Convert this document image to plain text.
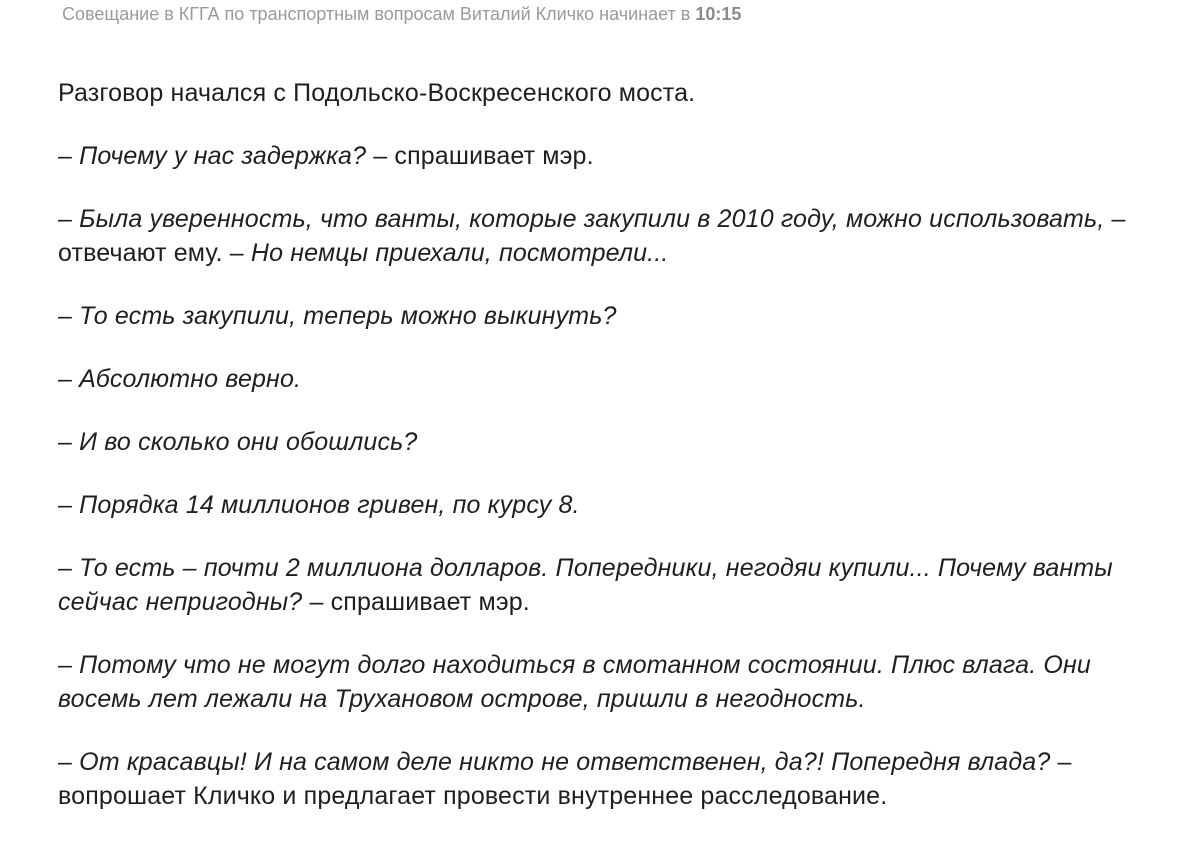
Совещание в КГГА по транспортным вопросам Виталий Кличко начинает в 10:15

Разговор начался с Подольско-Воскресенского моста.

– Почему у нас задержка? – спрашивает мэр.

– Была уверенность, что ванты, которые закупили в 2010 году, можно использовать, – отвечают ему. – Но немцы приехали, посмотрели...

– То есть закупили, теперь можно выкинуть?

– Абсолютно верно.

– И во сколько они обошлись?

– Порядка 14 миллионов гривен, по курсу 8.

– То есть – почти 2 миллиона долларов. Попередники, негодяи купили... Почему ванты сейчас непригодны? – спрашивает мэр.

– Потому что не могут долго находиться в смотанном состоянии. Плюс влага. Они восемь лет лежали на Трухановом острове, пришли в негодность.

– От красавцы! И на самом деле никто не ответственен, да?! Попередня влада? – вопрошает Кличко и предлагает провести внутреннее расследование.
